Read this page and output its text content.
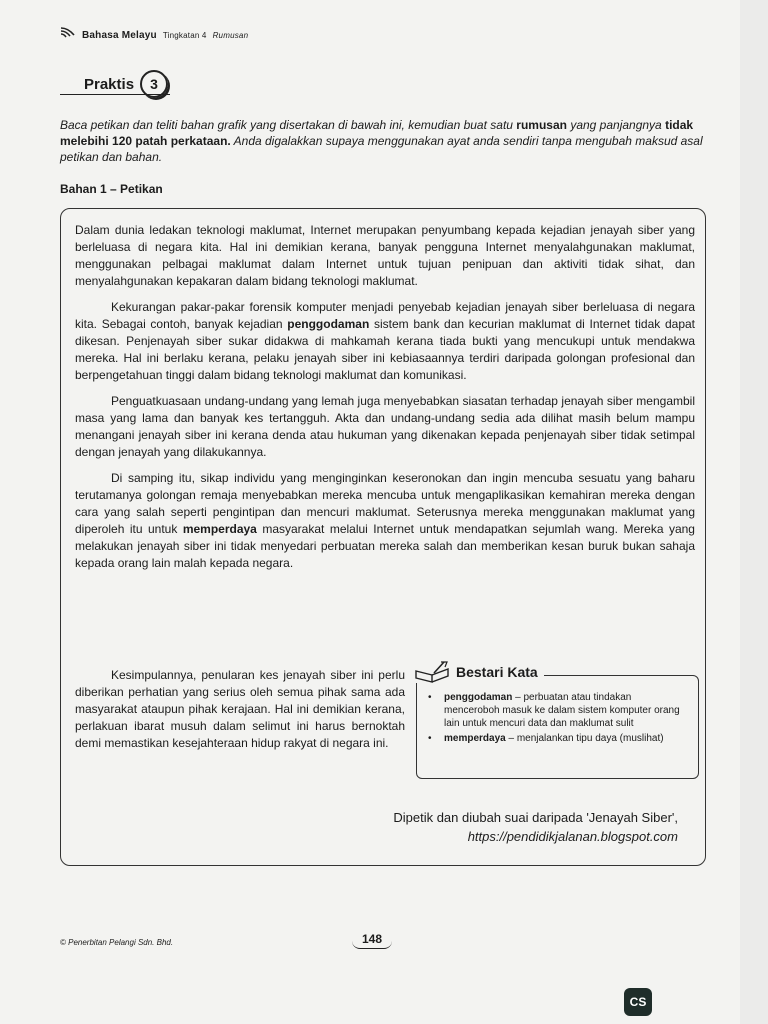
Bahasa Melayu Tingkatan 4 Rumusan
Praktis	3
Baca petikan dan teliti bahan grafik yang disertakan di bawah ini, kemudian buat satu rumusan yang panjangnya tidak melebihi 120 patah perkataan. Anda digalakkan supaya menggunakan ayat anda sendiri tanpa mengubah maksud asal petikan dan bahan.
Bahan 1 – Petikan

Dalam dunia ledakan teknologi maklumat, Internet merupakan penyumbang kepada kejadian jenayah siber yang berleluasa di negara kita. Hal ini demikian kerana, banyak pengguna Internet menyalahgunakan maklumat, menggunakan pelbagai maklumat dalam Internet untuk tujuan penipuan dan aktiviti tidak sihat, dan menyalahgunakan kepakaran dalam bidang teknologi maklumat.

Kekurangan pakar-pakar forensik komputer menjadi penyebab kejadian jenayah siber berleluasa di negara kita. Sebagai contoh, banyak kejadian penggodaman sistem bank dan kecurian maklumat di Internet tidak dapat dikesan. Penjenayah siber sukar didakwa di mahkamah kerana tiada bukti yang mencukupi untuk mendakwa mereka. Hal ini berlaku kerana, pelaku jenayah siber ini kebiasaannya terdiri daripada golongan profesional dan berpengetahuan tinggi dalam bidang teknologi maklumat dan komunikasi.

Penguatkuasaan undang-undang yang lemah juga menyebabkan siasatan terhadap jenayah siber mengambil masa yang lama dan banyak kes tertangguh. Akta dan undang-undang sedia ada dilihat masih belum mampu menangani jenayah siber ini kerana denda atau hukuman yang dikenakan kepada penjenayah siber tidak setimpal dengan jenayah yang dilakukannya.

Di samping itu, sikap individu yang menginginkan keseronokan dan ingin mencuba sesuatu yang baharu terutamanya golongan remaja menyebabkan mereka mencuba untuk mengaplikasikan kemahiran mereka dengan cara yang salah seperti pengintipan dan mencuri maklumat. Seterusnya mereka menggunakan maklumat yang diperoleh itu untuk memperdaya masyarakat melalui Internet untuk mendapatkan sejumlah wang. Mereka yang melakukan jenayah siber ini tidak menyedari perbuatan mereka salah dan memberikan kesan buruk bukan sahaja kepada orang lain malah kepada negara.

Kesimpulannya, penularan kes jenayah siber ini perlu diberikan perhatian yang serius oleh semua pihak sama ada masyarakat ataupun pihak kerajaan. Hal ini demikian kerana, perlakuan ibarat musuh dalam selimut ini harus bernoktah demi memastikan kesejahteraan hidup rakyat di negara ini.
Bestari Kata
• penggodaman – perbuatan atau tindakan menceroboh masuk ke dalam sistem komputer orang lain untuk mencuri data dan maklumat sulit
• memperdaya – menjalankan tipu daya (muslihat)
Dipetik dan diubah suai daripada 'Jenayah Siber',
https://pendidikjalanan.blogspot.com
© Penerbitan Pelangi Sdn. Bhd.	148
CS
